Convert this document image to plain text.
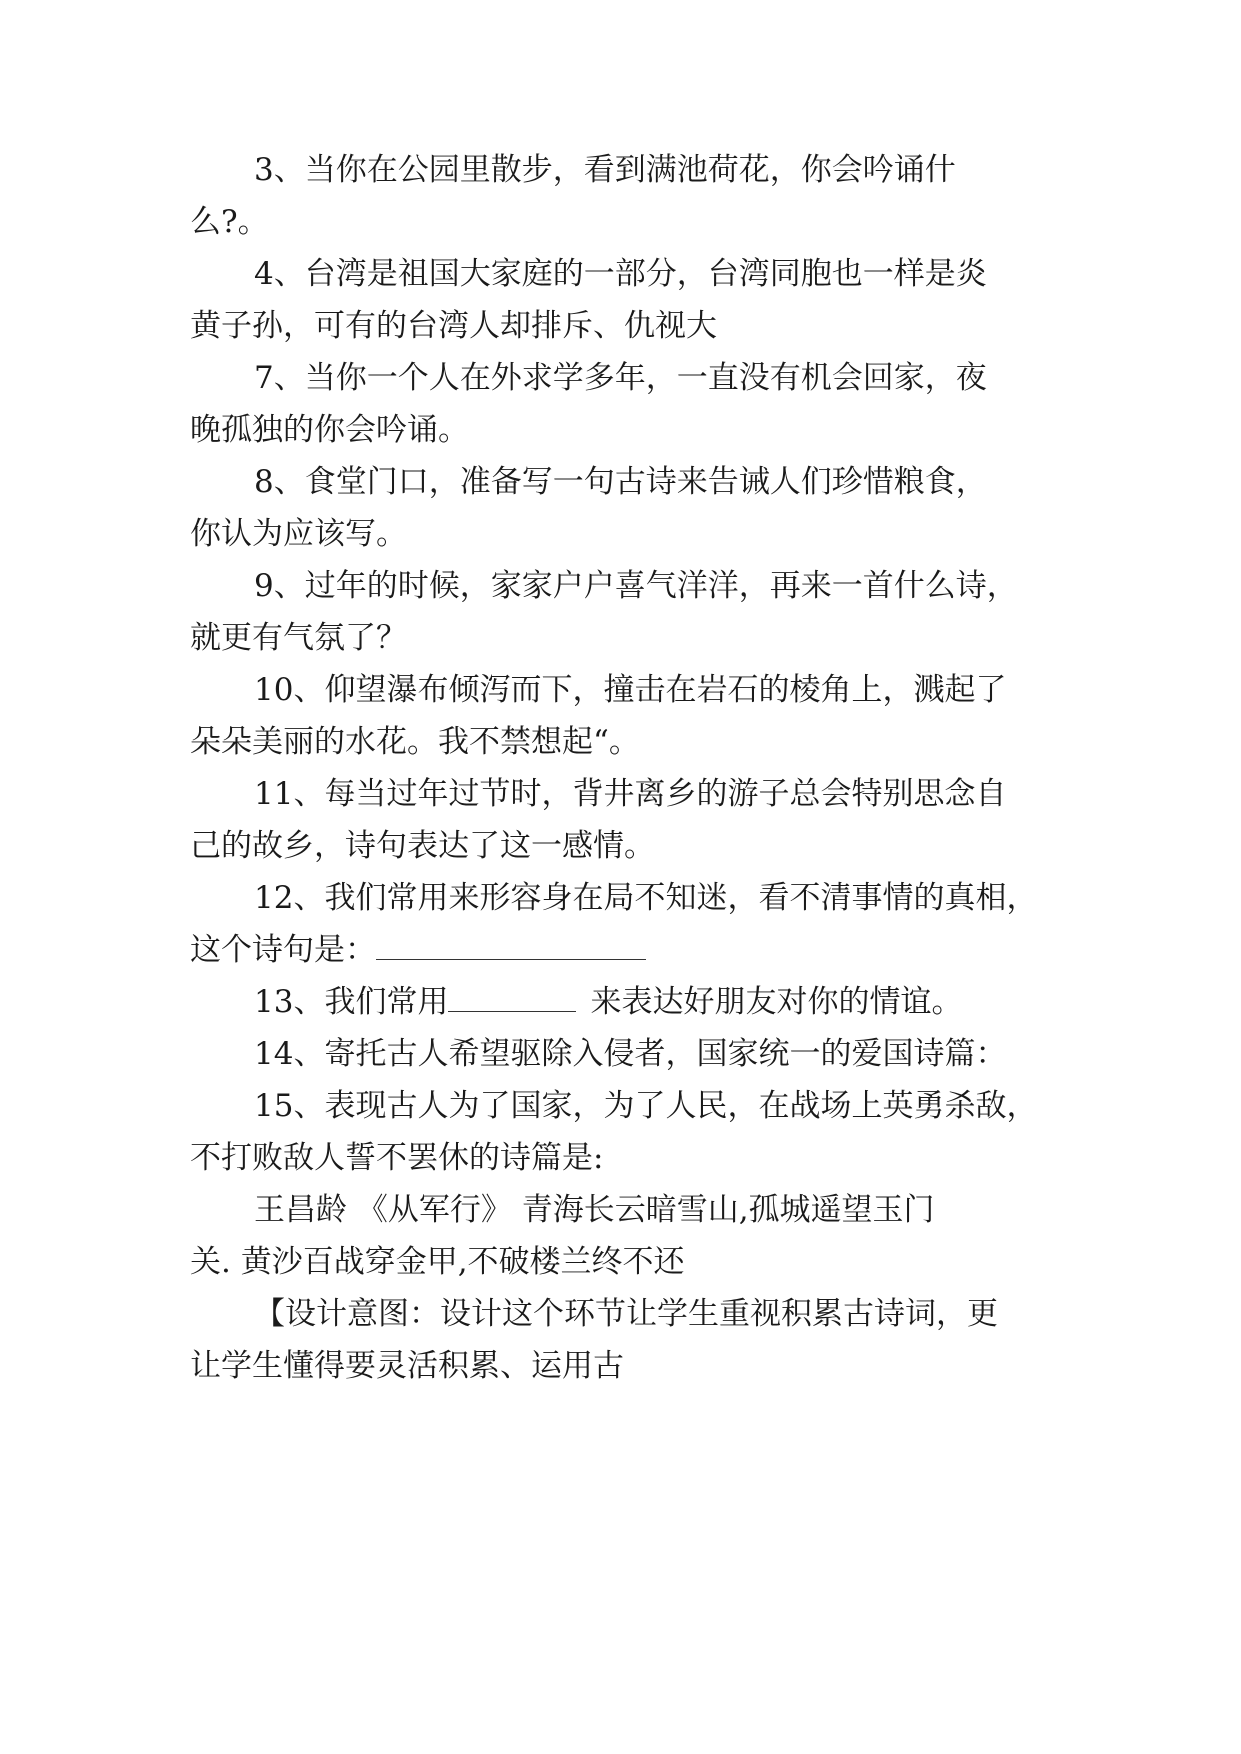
3、当你在公园里散步，看到满池荷花，你会吟诵什
么?。
4、台湾是祖国大家庭的一部分，台湾同胞也一样是炎
黄子孙，可有的台湾人却排斥、仇视大
7、当你一个人在外求学多年，一直没有机会回家，夜
晚孤独的你会吟诵。
8、食堂门口，准备写一句古诗来告诫人们珍惜粮食，
你认为应该写。
9、过年的时候，家家户户喜气洋洋，再来一首什么诗，
就更有气氛了？
10、仰望瀑布倾泻而下，撞击在岩石的棱角上，溅起了
朵朵美丽的水花。我不禁想起“。
11、每当过年过节时，背井离乡的游子总会特别思念自
己的故乡，诗句表达了这一感情。
12、我们常用来形容身在局不知迷，看不清事情的真相，
这个诗句是：
13、我们常用	来表达好朋友对你的情谊。
14、寄托古人希望驱除入侵者，国家统一的爱国诗篇：
15、表现古人为了国家，为了人民，在战场上英勇杀敌，
不打败敌人誓不罢休的诗篇是:
王昌龄 《从军行》 青海长云暗雪山,孤城遥望玉门
关. 黄沙百战穿金甲,不破楼兰终不还
【设计意图：设计这个环节让学生重视积累古诗词，更
让学生懂得要灵活积累、运用古
